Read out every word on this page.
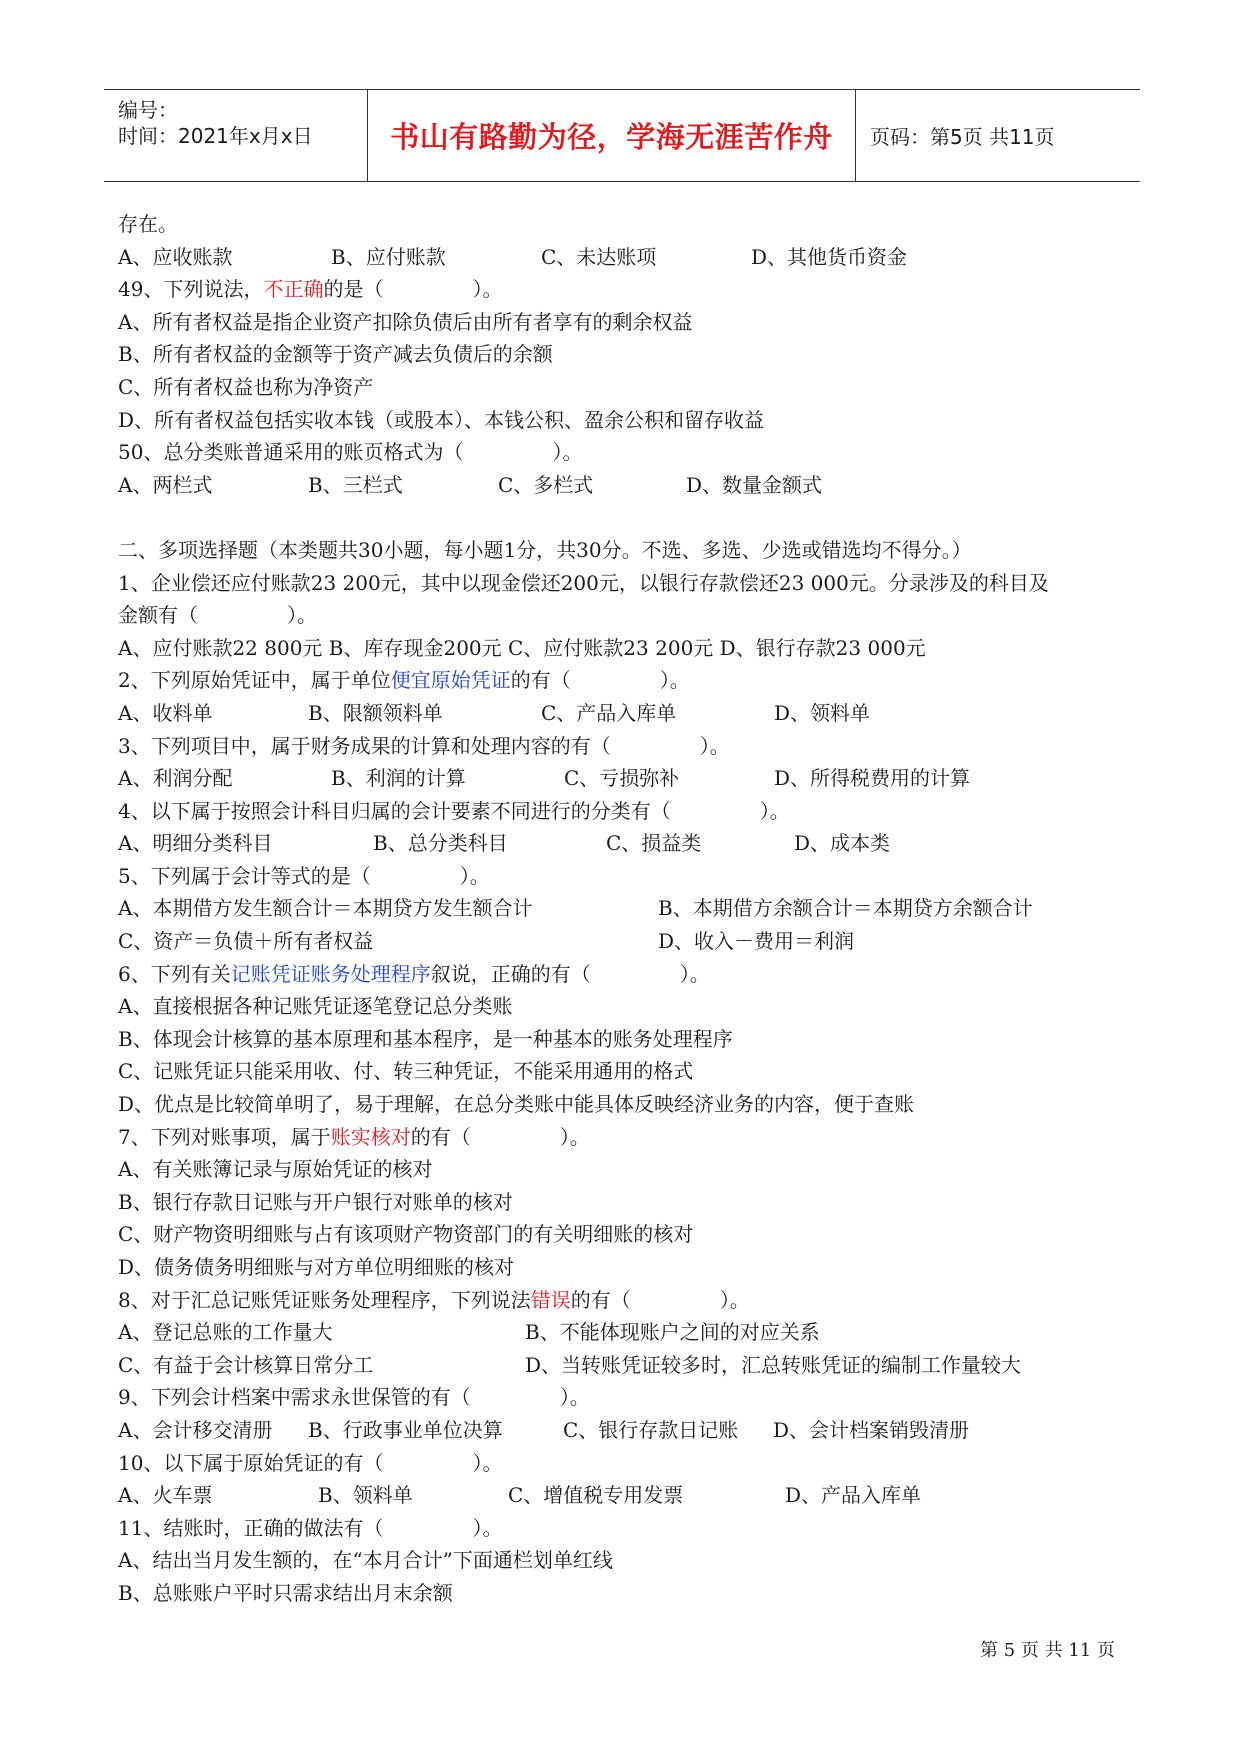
编号：
时间：2021年x月x日	书山有路勤为径，学海无涯苦作舟 页码：第5页 共11页
存在。
A、应收账款	B、应付账款	C、未达账项	D、其他货币资金
49、下列说法，不正确的是（              ）。
A、所有者权益是指企业资产扣除负债后由所有者享有的剩余权益
B、所有者权益的金额等于资产减去负债后的余额
C、所有者权益也称为净资产
D、所有者权益包括实收本钱（或股本）、本钱公积、盈余公积和留存收益
50、总分类账普通采用的账页格式为（              ）。
A、两栏式	B、三栏式	C、多栏式	D、数量金额式
二、多项选择题（本类题共30小题，每小题1分，共30分。不选、多选、少选或错选均不得分。）
1、企业偿还应付账款23 200元，其中以现金偿还200元，以银行存款偿还23 000元。分录涉及的科目及
金额有（              ）。
A、应付账款22 800元 B、库存现金200元 C、应付账款23 200元 D、银行存款23 000元
2、下列原始凭证中，属于单位便宜原始凭证的有（              ）。
A、收料单	B、限额领料单	C、产品入库单	D、领料单
3、下列项目中，属于财务成果的计算和处理内容的有（              ）。
A、利润分配	B、利润的计算	C、亏损弥补	D、所得税费用的计算
4、以下属于按照会计科目归属的会计要素不同进行的分类有（              ）。
A、明细分类科目	B、总分类科目	C、损益类	D、成本类
5、下列属于会计等式的是（              ）。
A、本期借方发生额合计＝本期贷方发生额合计	B、本期借方余额合计＝本期贷方余额合计
C、资产＝负债＋所有者权益	D、收入－费用＝利润
6、下列有关记账凭证账务处理程序叙说，正确的有（              ）。
A、直接根据各种记账凭证逐笔登记总分类账
B、体现会计核算的基本原理和基本程序，是一种基本的账务处理程序
C、记账凭证只能采用收、付、转三种凭证，不能采用通用的格式
D、优点是比较简单明了，易于理解，在总分类账中能具体反映经济业务的内容，便于查账
7、下列对账事项，属于账实核对的有（              ）。
A、有关账簿记录与原始凭证的核对
B、银行存款日记账与开户银行对账单的核对
C、财产物资明细账与占有该项财产物资部门的有关明细账的核对
D、债务债务明细账与对方单位明细账的核对
8、对于汇总记账凭证账务处理程序，下列说法错误的有（              ）。
A、登记总账的工作量大	B、不能体现账户之间的对应关系
C、有益于会计核算日常分工	D、当转账凭证较多时，汇总转账凭证的编制工作量较大
9、下列会计档案中需求永世保管的有（              ）。
A、会计移交清册 B、行政事业单位决算	C、银行存款日记账 D、会计档案销毁清册
10、以下属于原始凭证的有（              ）。
A、火车票	B、领料单	C、增值税专用发票	D、产品入库单
11、结账时，正确的做法有（              ）。
A、结出当月发生额的，在“本月合计”下面通栏划单红线
B、总账账户平时只需求结出月末余额
第 5 页 共 11 页
